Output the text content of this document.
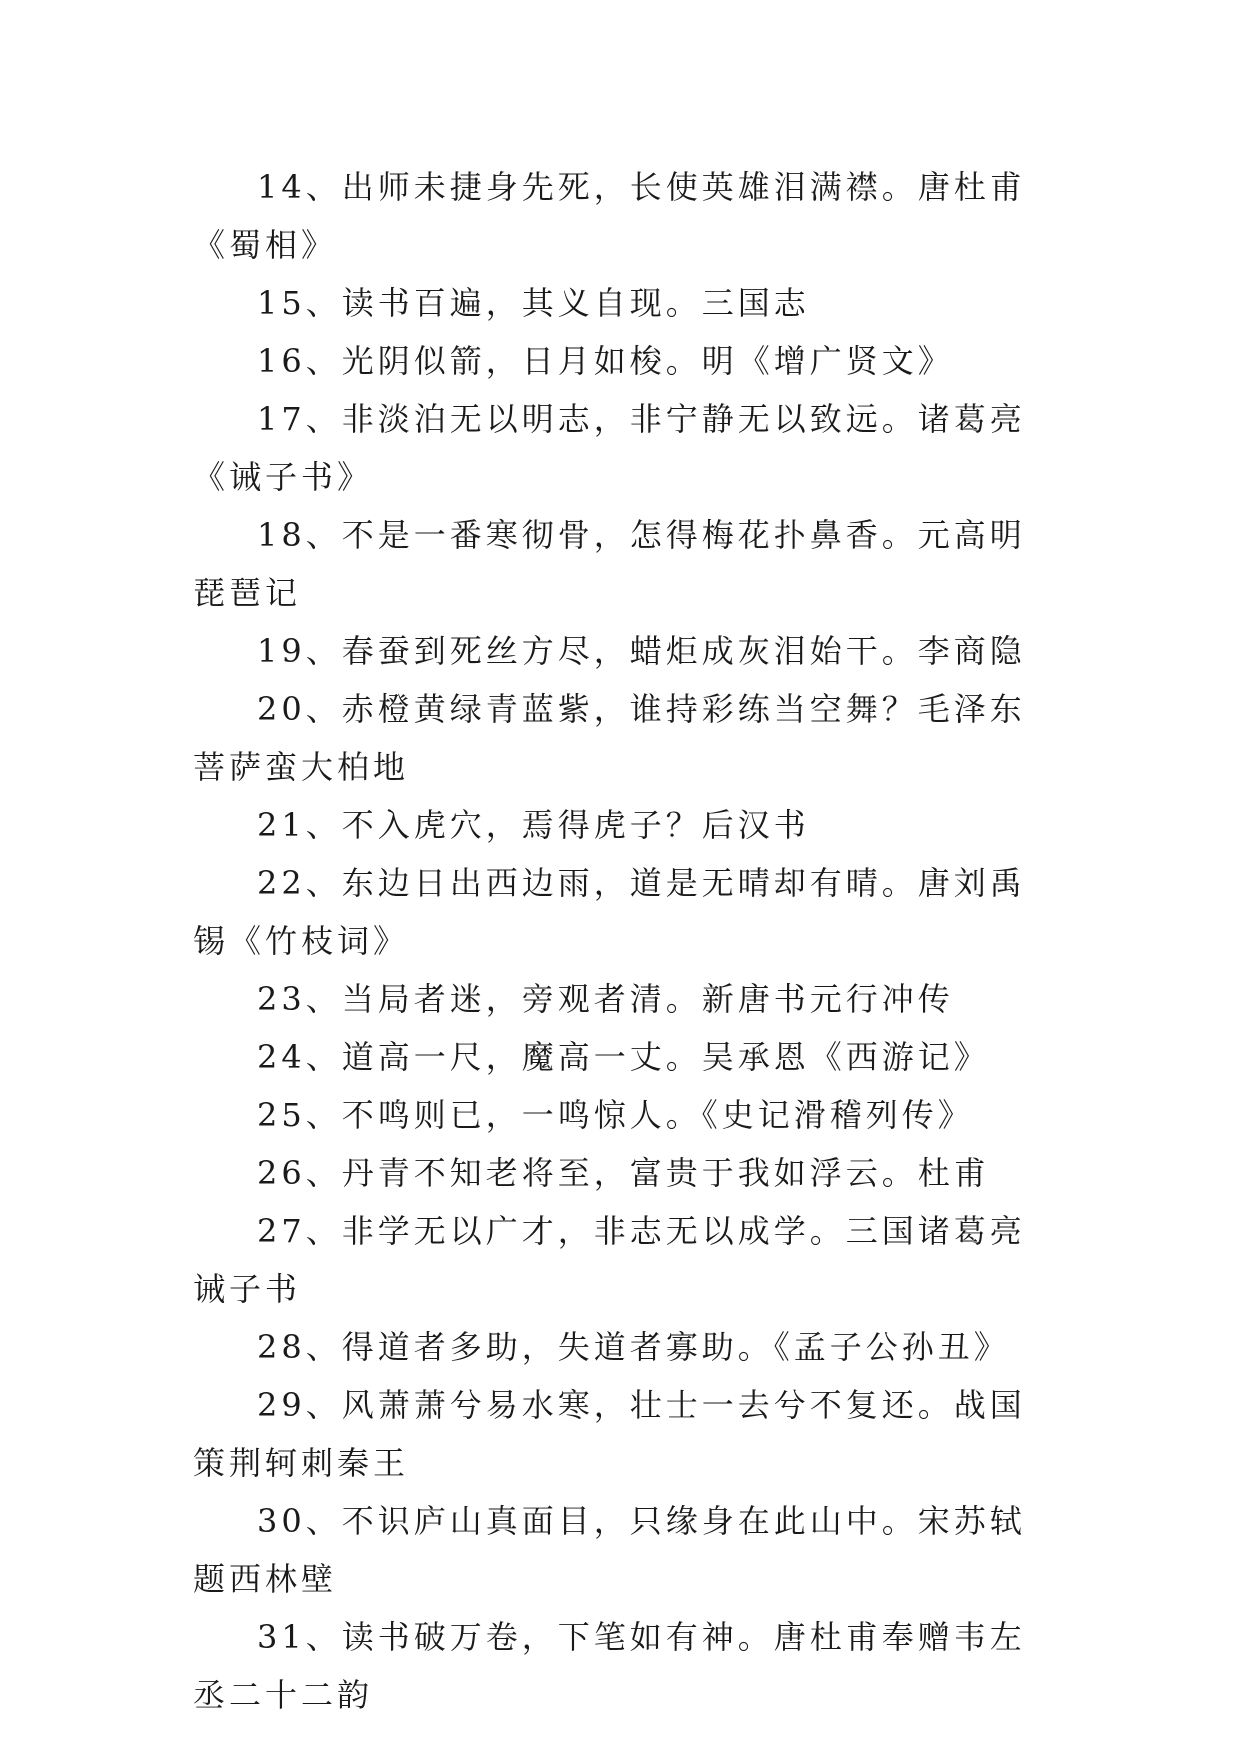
14、出师未捷身先死，长使英雄泪满襟。唐杜甫《蜀相》

15、读书百遍，其义自现。三国志

16、光阴似箭，日月如梭。明《增广贤文》

17、非淡泊无以明志，非宁静无以致远。诸葛亮《诫子书》

18、不是一番寒彻骨，怎得梅花扑鼻香。元高明琵琶记

19、春蚕到死丝方尽，蜡炬成灰泪始干。李商隐

20、赤橙黄绿青蓝紫，谁持彩练当空舞？毛泽东菩萨蛮大柏地

21、不入虎穴，焉得虎子？后汉书

22、东边日出西边雨，道是无晴却有晴。唐刘禹锡《竹枝词》

23、当局者迷，旁观者清。新唐书元行冲传

24、道高一尺，魔高一丈。吴承恩《西游记》

25、不鸣则已，一鸣惊人。《史记滑稽列传》

26、丹青不知老将至，富贵于我如浮云。杜甫

27、非学无以广才，非志无以成学。三国诸葛亮诫子书

28、得道者多助，失道者寡助。《孟子公孙丑》

29、风萧萧兮易水寒，壮士一去兮不复还。战国策荆轲刺秦王

30、不识庐山真面目，只缘身在此山中。宋苏轼题西林壁

31、读书破万卷，下笔如有神。唐杜甫奉赠韦左丞二十二韵
